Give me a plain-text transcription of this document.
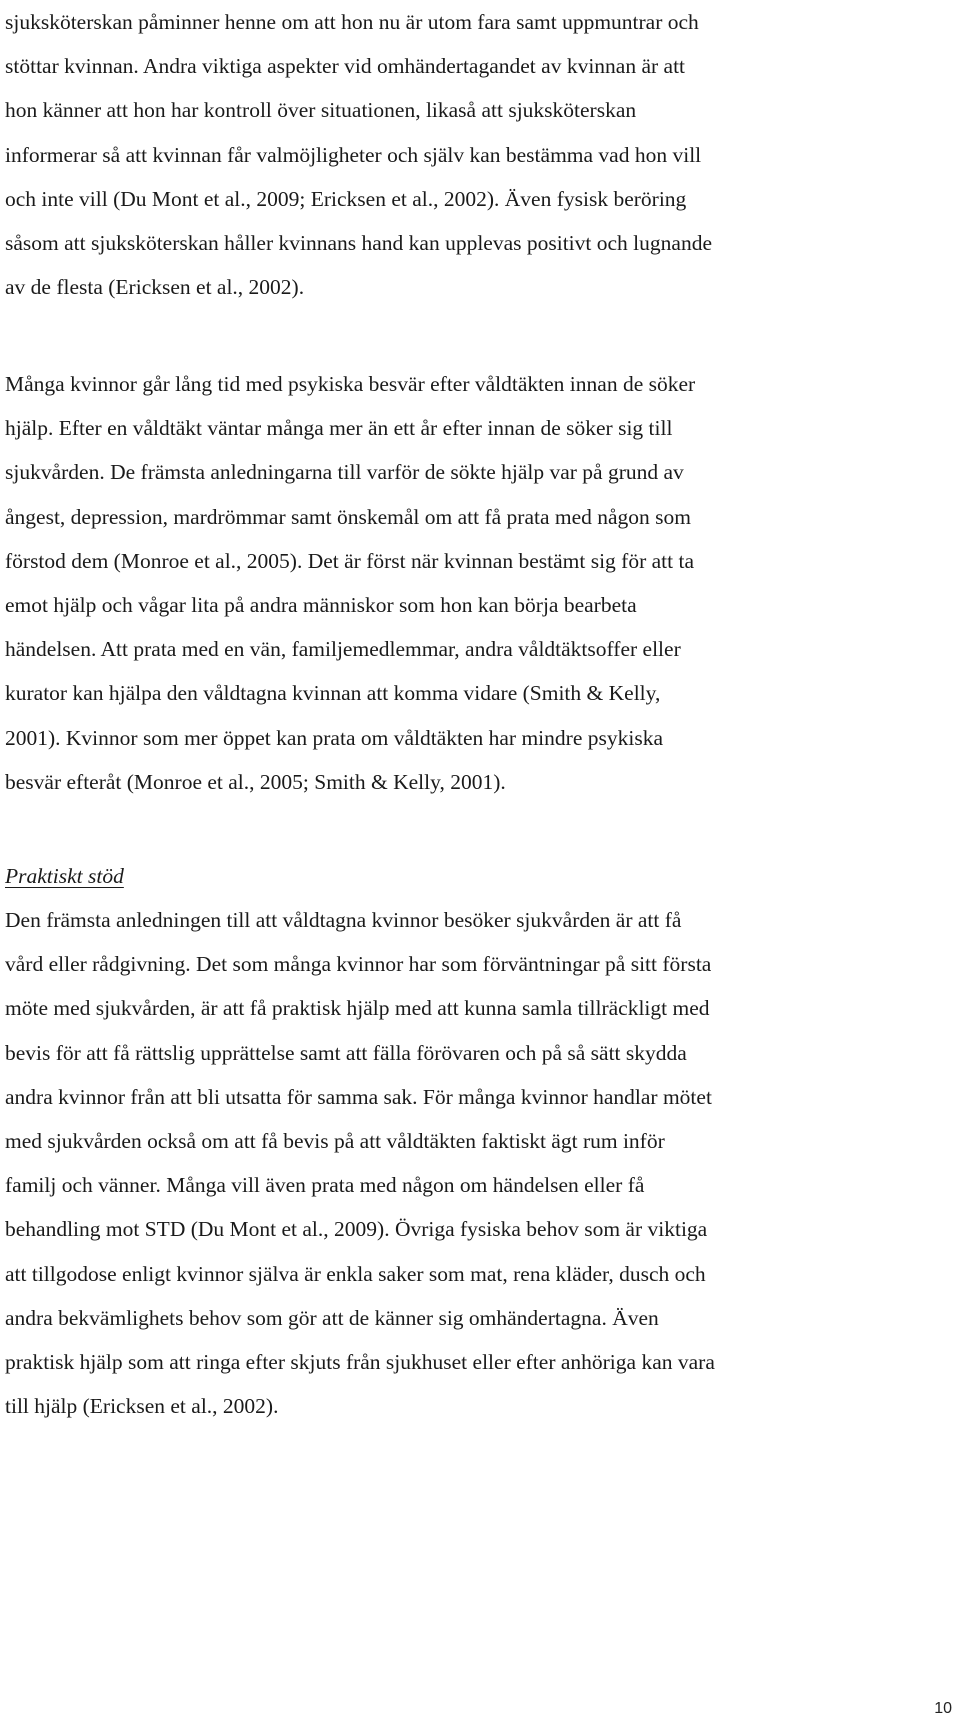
sjuksköterskan påminner henne om att hon nu är utom fara samt uppmuntrar och
stöttar kvinnan. Andra viktiga aspekter vid omhändertagandet av kvinnan är att
hon känner att hon har kontroll över situationen, likaså att sjuksköterskan
informerar så att kvinnan får valmöjligheter och själv kan bestämma vad hon vill
och inte vill (Du Mont et al., 2009; Ericksen et al., 2002). Även fysisk beröring
såsom att sjuksköterskan håller kvinnans hand kan upplevas positivt och lugnande
av de flesta (Ericksen et al., 2002).

Många kvinnor går lång tid med psykiska besvär efter våldtäkten innan de söker
hjälp. Efter en våldtäkt väntar många mer än ett år efter innan de söker sig till
sjukvården. De främsta anledningarna till varför de sökte hjälp var på grund av
ångest, depression, mardrömmar samt önskemål om att få prata med någon som
förstod dem (Monroe et al., 2005). Det är först när kvinnan bestämt sig för att ta
emot hjälp och vågar lita på andra människor som hon kan börja bearbeta
händelsen. Att prata med en vän, familjemedlemmar, andra våldtäktsoffer eller
kurator kan hjälpa den våldtagna kvinnan att komma vidare (Smith & Kelly,
2001). Kvinnor som mer öppet kan prata om våldtäkten har mindre psykiska
besvär efteråt (Monroe et al., 2005; Smith & Kelly, 2001).

Praktiskt stöd

Den främsta anledningen till att våldtagna kvinnor besöker sjukvården är att få
vård eller rådgivning. Det som många kvinnor har som förväntningar på sitt första
möte med sjukvården, är att få praktisk hjälp med att kunna samla tillräckligt med
bevis för att få rättslig upprättelse samt att fälla förövaren och på så sätt skydda
andra kvinnor från att bli utsatta för samma sak. För många kvinnor handlar mötet
med sjukvården också om att få bevis på att våldtäkten faktiskt ägt rum inför
familj och vänner. Många vill även prata med någon om händelsen eller få
behandling mot STD (Du Mont et al., 2009). Övriga fysiska behov som är viktiga
att tillgodose enligt kvinnor själva är enkla saker som mat, rena kläder, dusch och
andra bekvämlighets behov som gör att de känner sig omhändertagna. Även
praktisk hjälp som att ringa efter skjuts från sjukhuset eller efter anhöriga kan vara
till hjälp (Ericksen et al., 2002).

10
